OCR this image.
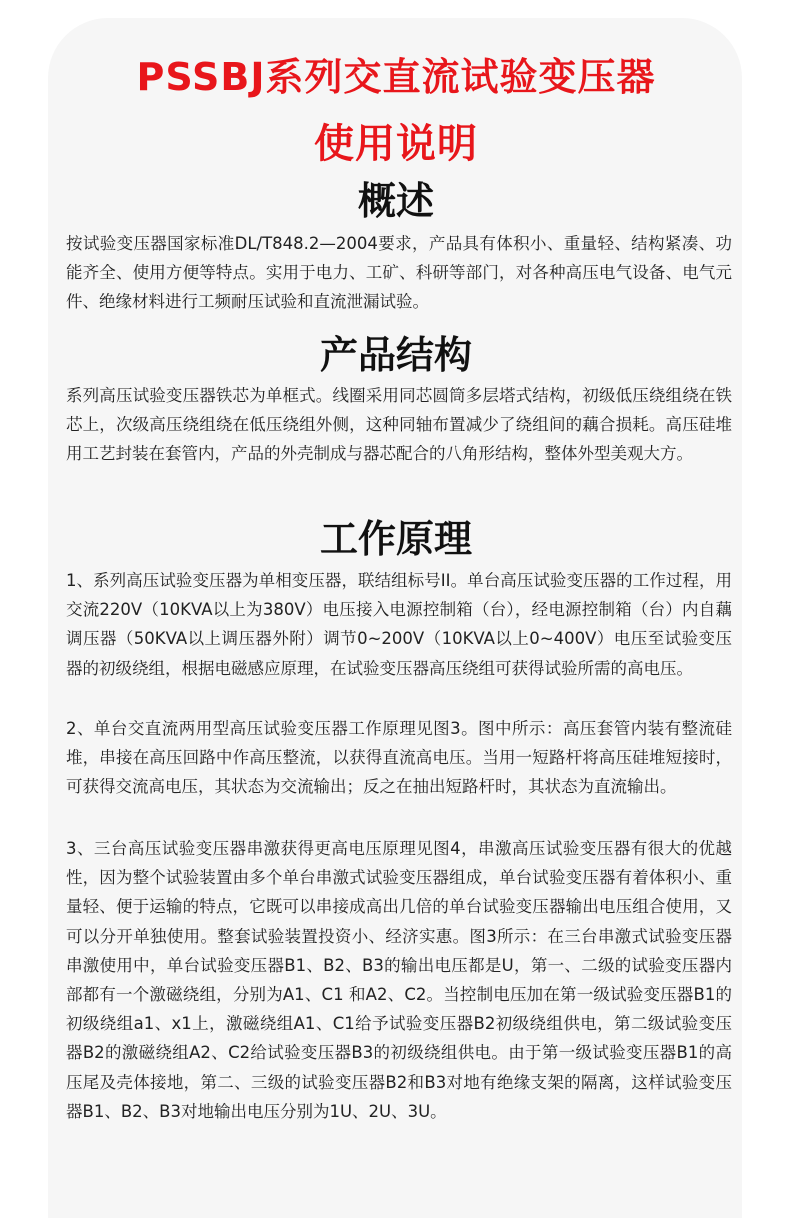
PSSBJ系列交直流试验变压器
使用说明
概述

按试验变压器国家标准DL/T848.2—2004要求，产品具有体积小、重量轻、结构紧凑、功能齐全、使用方便等特点。实用于电力、工矿、科研等部门，对各种高压电气设备、电气元件、绝缘材料进行工频耐压试验和直流泄漏试验。

产品结构

系列高压试验变压器铁芯为单框式。线圈采用同芯圆筒多层塔式结构，初级低压绕组绕在铁芯上，次级高压绕组绕在低压绕组外侧，这种同轴布置减少了绕组间的藕合损耗。高压硅堆用工艺封装在套管内，产品的外壳制成与器芯配合的八角形结构，整体外型美观大方。

工作原理

1、系列高压试验变压器为单相变压器，联结组标号II。单台高压试验变压器的工作过程，用交流220V（10KVA以上为380V）电压接入电源控制箱（台），经电源控制箱（台）内自藕调压器（50KVA以上调压器外附）调节0~200V（10KVA以上0~400V）电压至试验变压器的初级绕组，根据电磁感应原理，在试验变压器高压绕组可获得试验所需的高电压。

2、单台交直流两用型高压试验变压器工作原理见图3。图中所示：高压套管内装有整流硅堆，串接在高压回路中作高压整流，以获得直流高电压。当用一短路杆将高压硅堆短接时，可获得交流高电压，其状态为交流输出；反之在抽出短路杆时，其状态为直流输出。

3、三台高压试验变压器串激获得更高电压原理见图4，串激高压试验变压器有很大的优越性，因为整个试验装置由多个单台串激式试验变压器组成，单台试验变压器有着体积小、重量轻、便于运输的特点，它既可以串接成高出几倍的单台试验变压器输出电压组合使用，又可以分开单独使用。整套试验装置投资小、经济实惠。图3所示：在三台串激式试验变压器串激使用中，单台试验变压器B1、B2、B3的输出电压都是U，第一、二级的试验变压器内部都有一个激磁绕组，分别为A1、C1 和A2、C2。当控制电压加在第一级试验变压器B1的初级绕组a1、x1上，激磁绕组A1、C1给予试验变压器B2初级绕组供电，第二级试验变压器B2的激磁绕组A2、C2给试验变压器B3的初级绕组供电。由于第一级试验变压器B1的高压尾及壳体接地，第二、三级的试验变压器B2和B3对地有绝缘支架的隔离，这样试验变压器B1、B2、B3对地输出电压分别为1U、2U、3U。
